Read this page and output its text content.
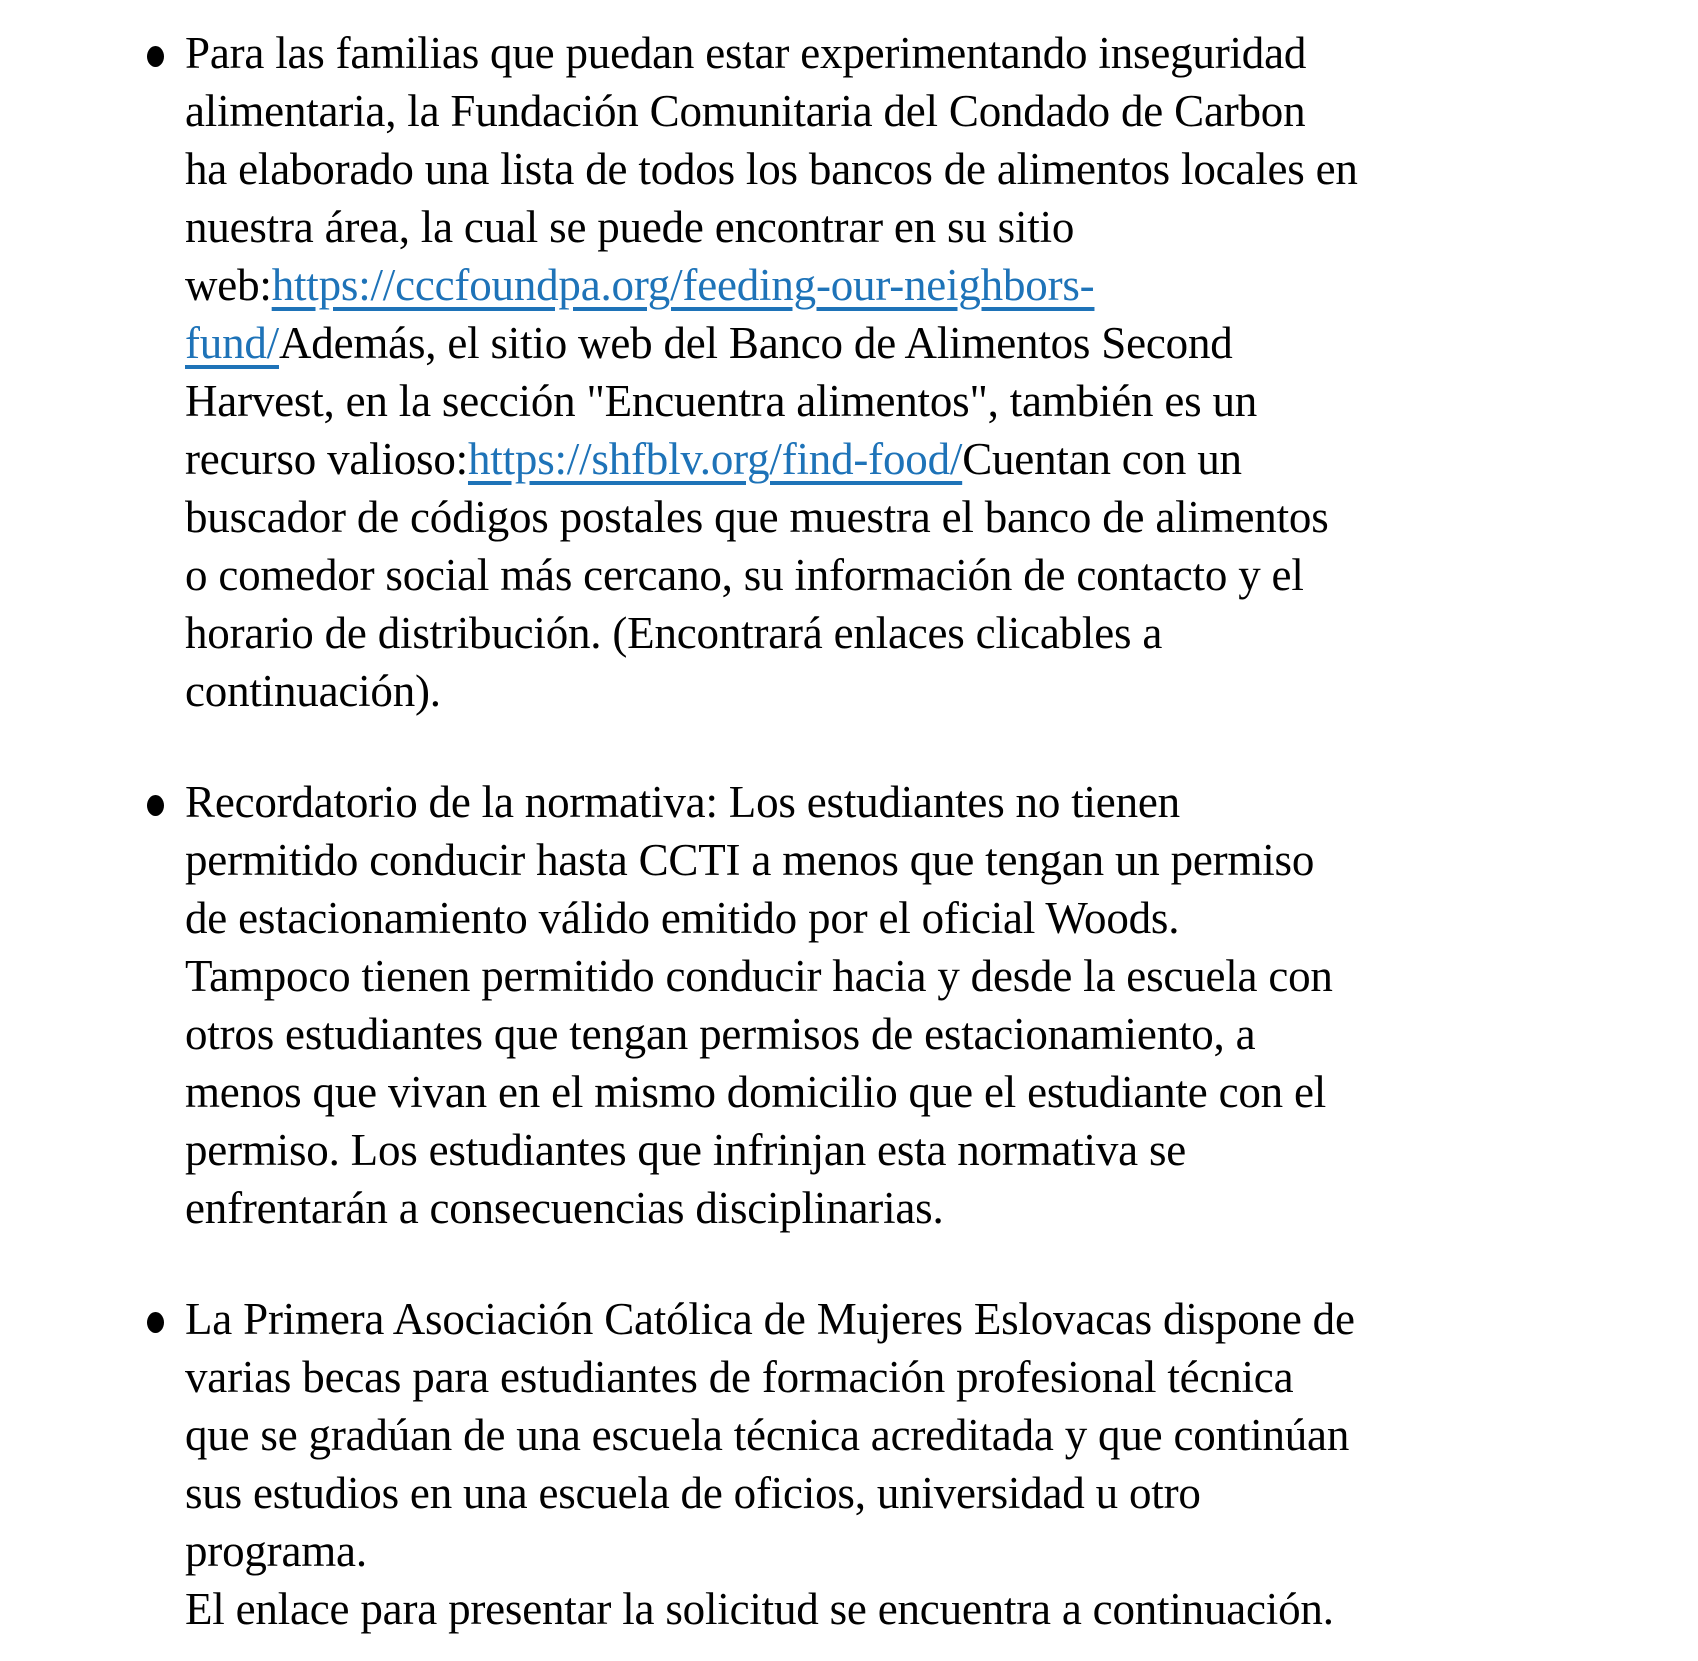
Para las familias que puedan estar experimentando inseguridad
alimentaria, la Fundación Comunitaria del Condado de Carbon
ha elaborado una lista de todos los bancos de alimentos locales en
nuestra área, la cual se puede encontrar en su sitio
web:https://cccfoundpa.org/feeding-our-neighbors-
fund/Además, el sitio web del Banco de Alimentos Second
Harvest, en la sección "Encuentra alimentos", también es un
recurso valioso:https://shfblv.org/find-food/Cuentan con un
buscador de códigos postales que muestra el banco de alimentos
o comedor social más cercano, su información de contacto y el
horario de distribución. (Encontrará enlaces clicables a
continuación).
Recordatorio de la normativa: Los estudiantes no tienen
permitido conducir hasta CCTI a menos que tengan un permiso
de estacionamiento válido emitido por el oficial Woods.
Tampoco tienen permitido conducir hacia y desde la escuela con
otros estudiantes que tengan permisos de estacionamiento, a
menos que vivan en el mismo domicilio que el estudiante con el
permiso. Los estudiantes que infrinjan esta normativa se
enfrentarán a consecuencias disciplinarias.
La Primera Asociación Católica de Mujeres Eslovacas dispone de
varias becas para estudiantes de formación profesional técnica
que se gradúan de una escuela técnica acreditada y que continúan
sus estudios en una escuela de oficios, universidad u otro
programa.
El enlace para presentar la solicitud se encuentra a continuación.
